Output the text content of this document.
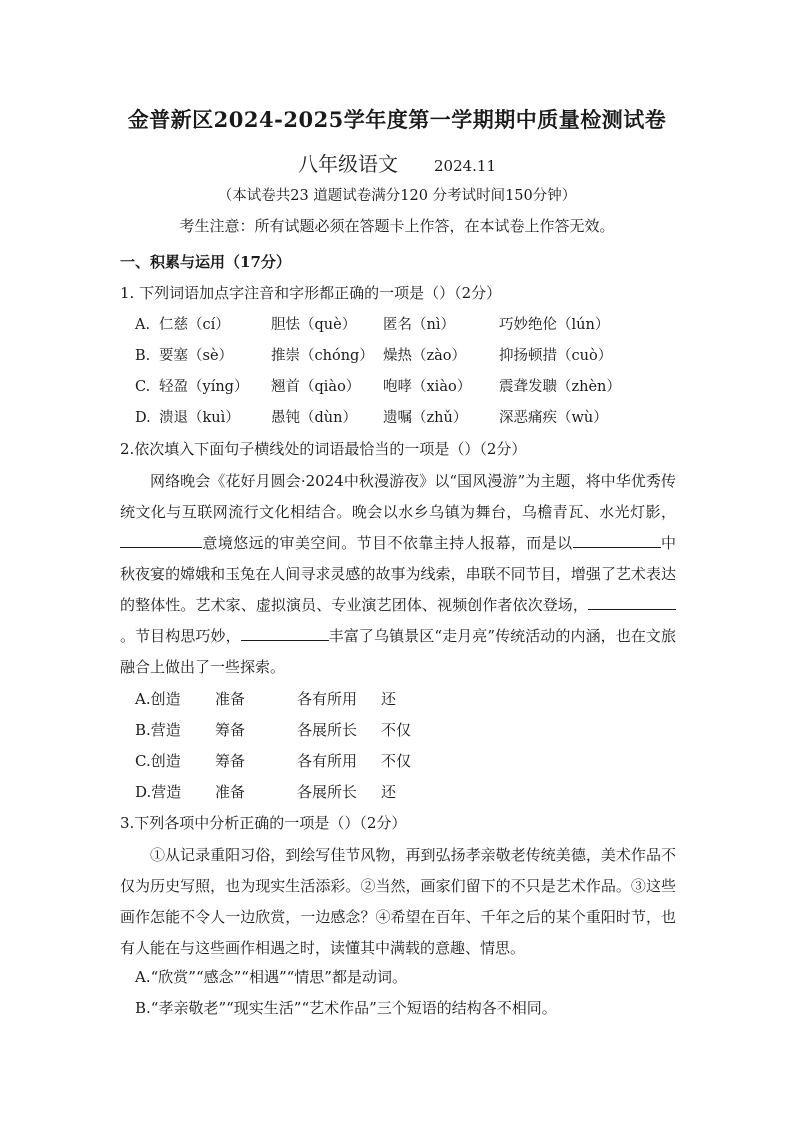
金普新区2024-2025学年度第一学期期中质量检测试卷
八年级语文 2024.11
（本试卷共23 道题试卷满分120 分考试时间150分钟）
考生注意：所有试题必须在答题卡上作答，在本试卷上作答无效。
一、积累与运用（17分）
1. 下列词语加点字注音和字形都正确的一项是（）（2分）
A. 仁慈（cí）	胆怯（què） 匿名（nì）	巧妙绝伦（lún）
B. 要塞（sè）	推崇（chóng） 燥热（zào） 抑扬顿措（cuò）
C. 轻盈（yíng） 翘首（qiào） 咆哮（xiào） 震聋发聩（zhèn）
D. 溃退（kuì） 愚钝（dùn） 遗嘱（zhǔ） 深恶痛疾（wù）
2.依次填入下面句子横线处的词语最恰当的一项是（）（2分）
网络晚会《花好月圆会·2024中秋漫游夜》以“国风漫游”为主题，将中华优秀传统文化与互联网流行文化相结合。晚会以水乡乌镇为舞台，乌檐青瓦、水光灯影，意境悠远的审美空间。节目不依靠主持人报幕，而是以	中秋夜宴的嫦娥和玉兔在人间寻求灵感的故事为线索，串联不同节目，增强了艺术表达的整体性。艺术家、虚拟演员、专业演艺团体、视频创作者依次登场，。节目构思巧妙，	丰富了乌镇景区“走月亮”传统活动的内涵，也在文旅融合上做出了一些探索。
A.创造 准备	各有所用 还
B.营造 筹备	各展所长 不仅
C.创造 筹备	各有所用 不仅
D.营造 准备	各展所长 还
3.下列各项中分析正确的一项是（）（2分）
①从记录重阳习俗，到绘写佳节风物，再到弘扬孝亲敬老传统美德，美术作品不仅为历史写照，也为现实生活添彩。②当然，画家们留下的不只是艺术作品。③这些画作怎能不令人一边欣赏，一边感念？④希望在百年、千年之后的某个重阳时节，也有人能在与这些画作相遇之时，读懂其中满载的意趣、情思。
A.“欣赏”“感念”“相遇”“情思”都是动词。
B.“孝亲敬老”“现实生活”“艺术作品”三个短语的结构各不相同。
